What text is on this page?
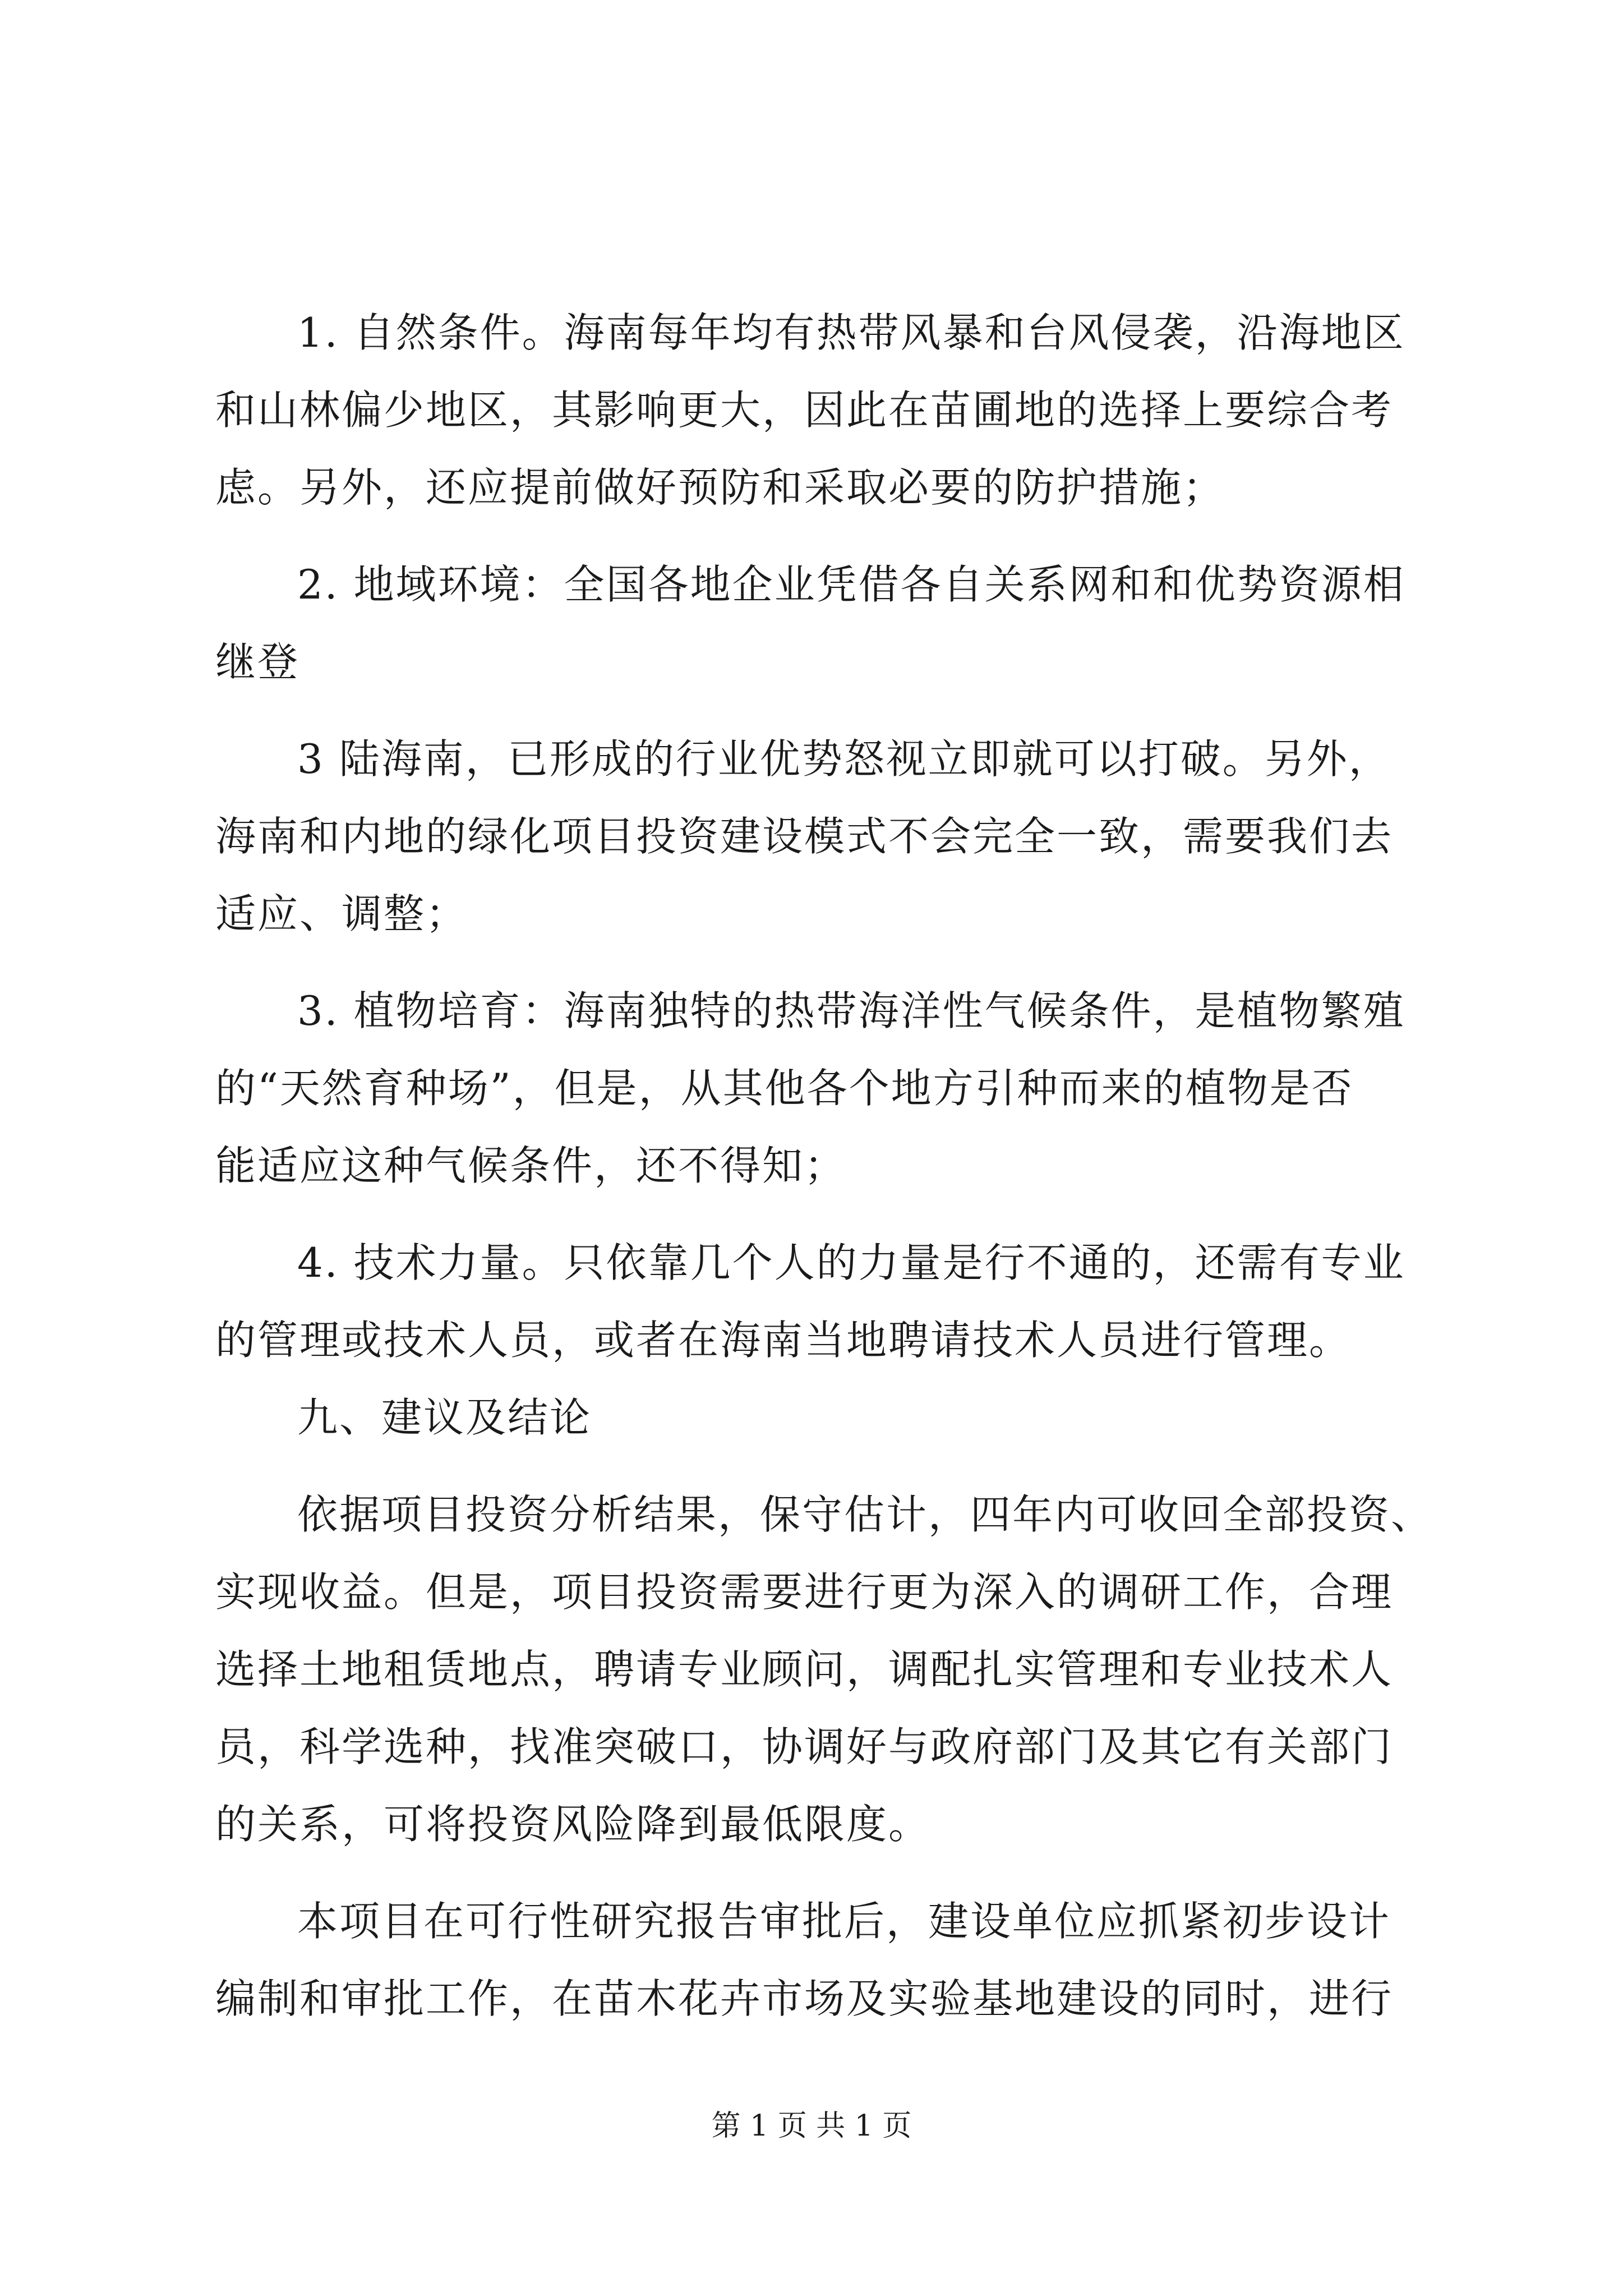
1. 自然条件。海南每年均有热带风暴和台风侵袭，沿海地区
和山林偏少地区，其影响更大，因此在苗圃地的选择上要综合考
虑。另外，还应提前做好预防和采取必要的防护措施；
2. 地域环境：全国各地企业凭借各自关系网和和优势资源相
继登
3 陆海南，已形成的行业优势怒视立即就可以打破。另外，
海南和内地的绿化项目投资建设模式不会完全一致，需要我们去
适应、调整；
3. 植物培育：海南独特的热带海洋性气候条件，是植物繁殖
的“天然育种场”，但是，从其他各个地方引种而来的植物是否
能适应这种气候条件，还不得知；
4. 技术力量。只依靠几个人的力量是行不通的，还需有专业
的管理或技术人员，或者在海南当地聘请技术人员进行管理。
九、建议及结论
依据项目投资分析结果，保守估计，四年内可收回全部投资、
实现收益。但是，项目投资需要进行更为深入的调研工作，合理
选择土地租赁地点，聘请专业顾问，调配扎实管理和专业技术人
员，科学选种，找准突破口，协调好与政府部门及其它有关部门
的关系，可将投资风险降到最低限度。
本项目在可行性研究报告审批后，建设单位应抓紧初步设计
编制和审批工作，在苗木花卉市场及实验基地建设的同时，进行
第 1 页 共 1 页
